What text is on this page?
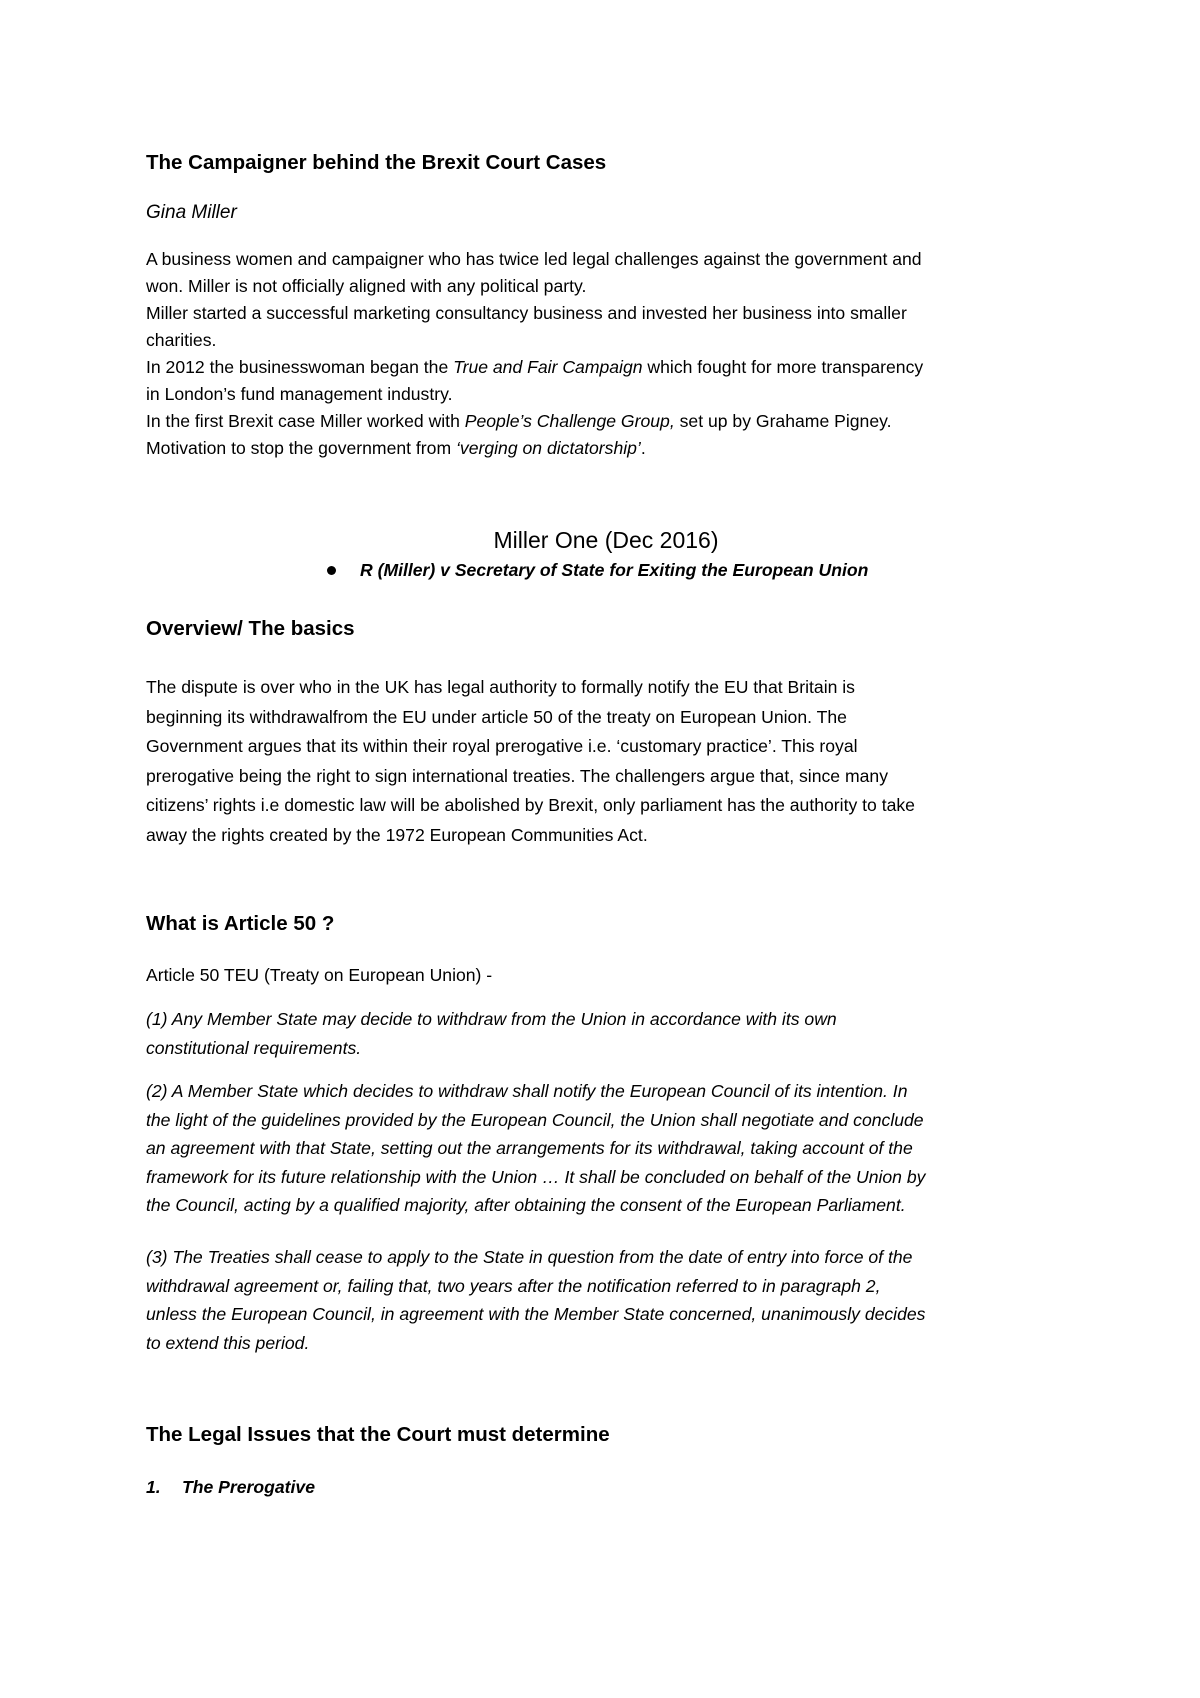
The Campaigner behind the Brexit Court Cases

Gina Miller

A business women and campaigner who has twice led legal challenges against the government and

won. Miller is not officially aligned with any political party.

Miller started a successful marketing consultancy business and invested her business into smaller

charities.

In 2012 the businesswoman began the True and Fair Campaign which fought for more transparency

in London’s fund management industry.

In the first Brexit case Miller worked with People’s Challenge Group, set up by Grahame Pigney.

Motivation to stop the government from ‘verging on dictatorship’.

Miller One (Dec 2016)

R (Miller) v Secretary of State for Exiting the European Union

Overview/ The basics

The dispute is over who in the UK has legal authority to formally notify the EU that Britain is

beginning its withdrawalfrom the EU under article 50 of the treaty on European Union. The

Government argues that its within their royal prerogative i.e. ‘customary practice’. This royal

prerogative being the right to sign international treaties. The challengers argue that, since many

citizens’ rights i.e domestic law will be abolished by Brexit, only parliament has the authority to take

away the rights created by the 1972 European Communities Act.

What is Article 50 ?

Article 50 TEU (Treaty on European Union) -

(1) Any Member State may decide to withdraw from the Union in accordance with its own

constitutional requirements.

(2) A Member State which decides to withdraw shall notify the European Council of its intention. In

the light of the guidelines provided by the European Council, the Union shall negotiate and conclude

an agreement with that State, setting out the arrangements for its withdrawal, taking account of the

framework for its future relationship with the Union … It shall be concluded on behalf of the Union by

the Council, acting by a qualified majority, after obtaining the consent of the European Parliament.

(3) The Treaties shall cease to apply to the State in question from the date of entry into force of the

withdrawal agreement or, failing that, two years after the notification referred to in paragraph 2,

unless the European Council, in agreement with the Member State concerned, unanimously decides

to extend this period.

The Legal Issues that the Court must determine

1. The Prerogative
